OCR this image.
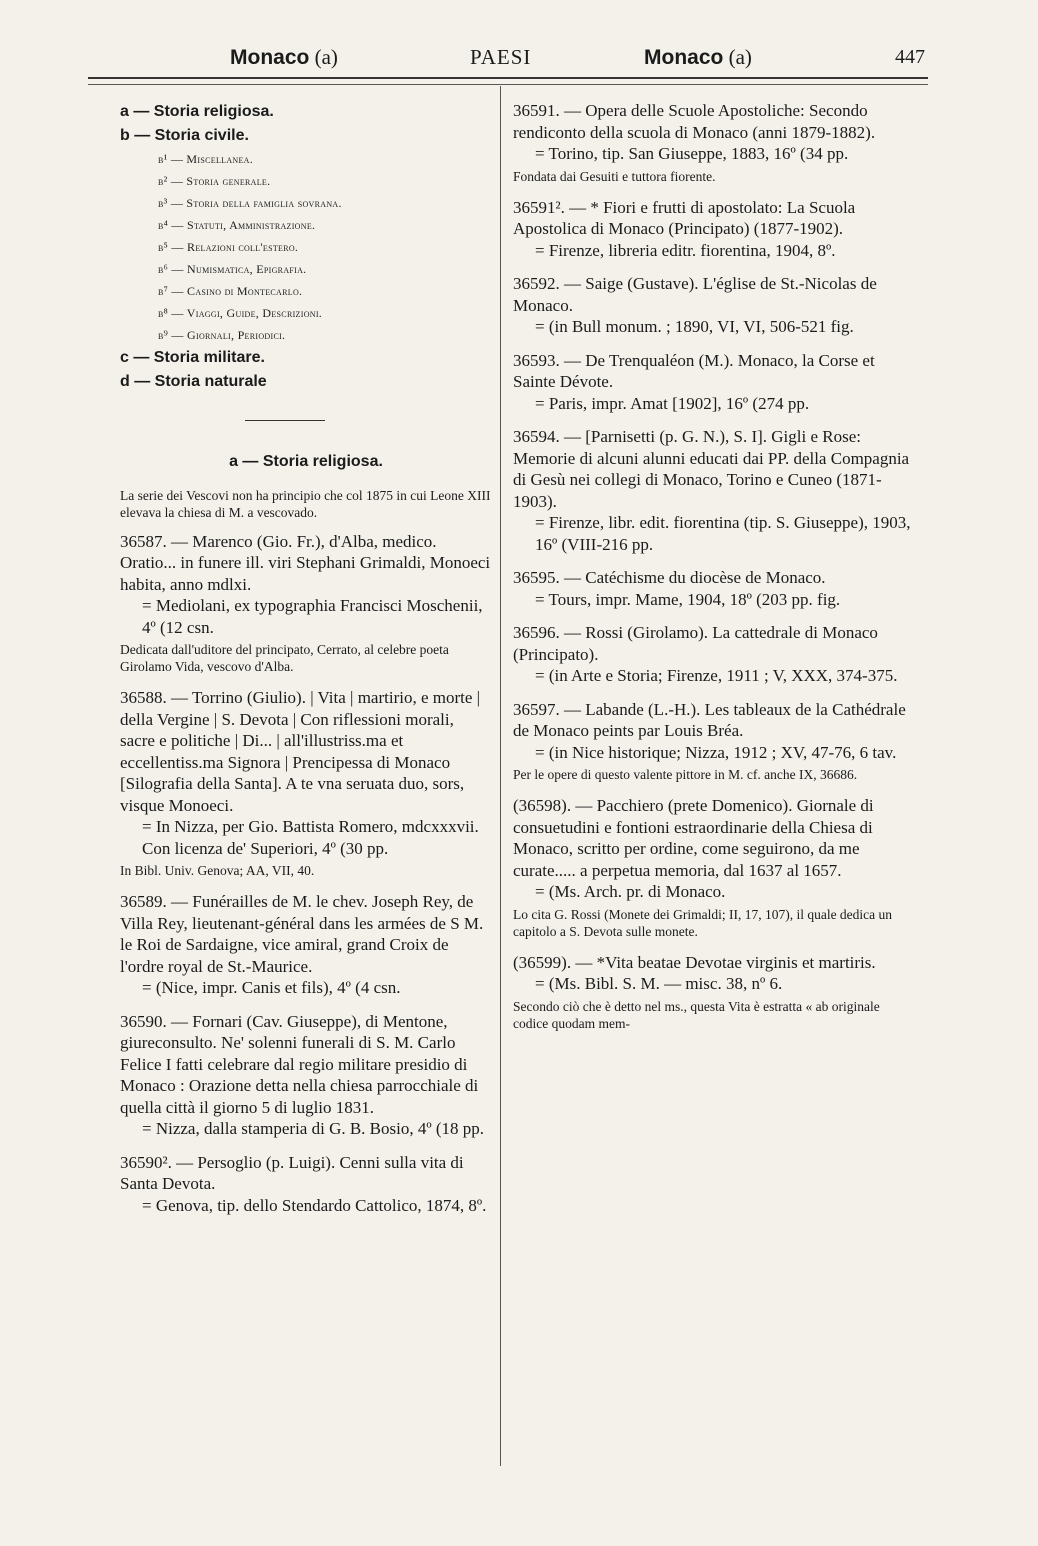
Monaco (a)	PAESI	Monaco (a)	447
a — Storia religiosa.
b — Storia civile.
b¹ — Miscellanea.
b² — Storia generale.
b³ — Storia della famiglia sovrana.
b⁴ — Statuti, Amministrazione.
b⁵ — Relazioni coll'estero.
b⁶ — Numismatica, Epigrafia.
b⁷ — Casino di Montecarlo.
b⁸ — Viaggi, Guide, Descrizioni.
b⁹ — Giornali, Periodici.
c — Storia militare.
d — Storia naturale
a — Storia religiosa.

La serie dei Vescovi non ha principio che col 1875 in cui Leone XIII elevava la chiesa di M. a vescovado.

36587. — Marenco (Gio. Fr.), d'Alba, medico. Oratio... in funere ill. viri Stephani Grimaldi, Monoeci habita, anno mdlxi.

= Mediolani, ex typographia Francisci Moschenii, 4º (12 csn.

Dedicata dall'uditore del principato, Cerrato, al celebre poeta Girolamo Vida, vescovo d'Alba.

36588. — Torrino (Giulio). | Vita | martirio, e morte | della Vergine | S. Devota | Con riflessioni morali, sacre e politiche | Di... | all'illustriss.ma et eccellentiss.ma Signora | Prencipessa di Monaco [Silografia della Santa]. A te vna seruata duo, sors, visque Monoeci.

= In Nizza, per Gio. Battista Romero, mdcxxxvii. Con licenza de' Superiori, 4º (30 pp.

In Bibl. Univ. Genova; AA, VII, 40.

36589. — Funérailles de M. le chev. Joseph Rey, de Villa Rey, lieutenant-général dans les armées de S M. le Roi de Sardaigne, vice amiral, grand Croix de l'ordre royal de St.-Maurice.

= (Nice, impr. Canis et fils), 4º (4 csn.

36590. — Fornari (Cav. Giuseppe), di Mentone, giureconsulto. Ne' solenni funerali di S. M. Carlo Felice I fatti celebrare dal regio militare presidio di Monaco : Orazione detta nella chiesa parrocchiale di quella città il giorno 5 di luglio 1831.

= Nizza, dalla stamperia di G. B. Bosio, 4º (18 pp.

36590². — Persoglio (p. Luigi). Cenni sulla vita di Santa Devota.

= Genova, tip. dello Stendardo Cattolico, 1874, 8º.

36591. — Opera delle Scuole Apostoliche: Secondo rendiconto della scuola di Monaco (anni 1879-1882).

= Torino, tip. San Giuseppe, 1883, 16º (34 pp.

Fondata dai Gesuiti e tuttora fiorente.

36591². — * Fiori e frutti di apostolato: La Scuola Apostolica di Monaco (Principato) (1877-1902).

= Firenze, libreria editr. fiorentina, 1904, 8º.

36592. — Saige (Gustave). L'église de St.-Nicolas de Monaco.

= (in Bull monum. ; 1890, VI, VI, 506-521 fig.

36593. — De Trenqualéon (M.). Monaco, la Corse et Sainte Dévote.

= Paris, impr. Amat [1902], 16º (274 pp.

36594. — [Parnisetti (p. G. N.), S. I]. Gigli e Rose: Memorie di alcuni alunni educati dai PP. della Compagnia di Gesù nei collegi di Monaco, Torino e Cuneo (1871-1903).

= Firenze, libr. edit. fiorentina (tip. S. Giuseppe), 1903, 16º (VIII-216 pp.

36595. — Catéchisme du diocèse de Monaco.

= Tours, impr. Mame, 1904, 18º (203 pp. fig.

36596. — Rossi (Girolamo). La cattedrale di Monaco (Principato).

= (in Arte e Storia; Firenze, 1911 ; V, XXX, 374-375.

36597. — Labande (L.-H.). Les tableaux de la Cathédrale de Monaco peints par Louis Bréa.

= (in Nice historique; Nizza, 1912 ; XV, 47-76, 6 tav.

Per le opere di questo valente pittore in M. cf. anche IX, 36686.

(36598). — Pacchiero (prete Domenico). Giornale di consuetudini e fontioni estraordinarie della Chiesa di Monaco, scritto per ordine, come seguirono, da me curate..... a perpetua memoria, dal 1637 al 1657.

= (Ms. Arch. pr. di Monaco.

Lo cita G. Rossi (Monete dei Grimaldi; II, 17, 107), il quale dedica un capitolo a S. Devota sulle monete.

(36599). — *Vita beatae Devotae virginis et martiris.

= (Ms. Bibl. S. M. — misc. 38, nº 6.

Secondo ciò che è detto nel ms., questa Vita è estratta « ab originale codice quodam mem-
